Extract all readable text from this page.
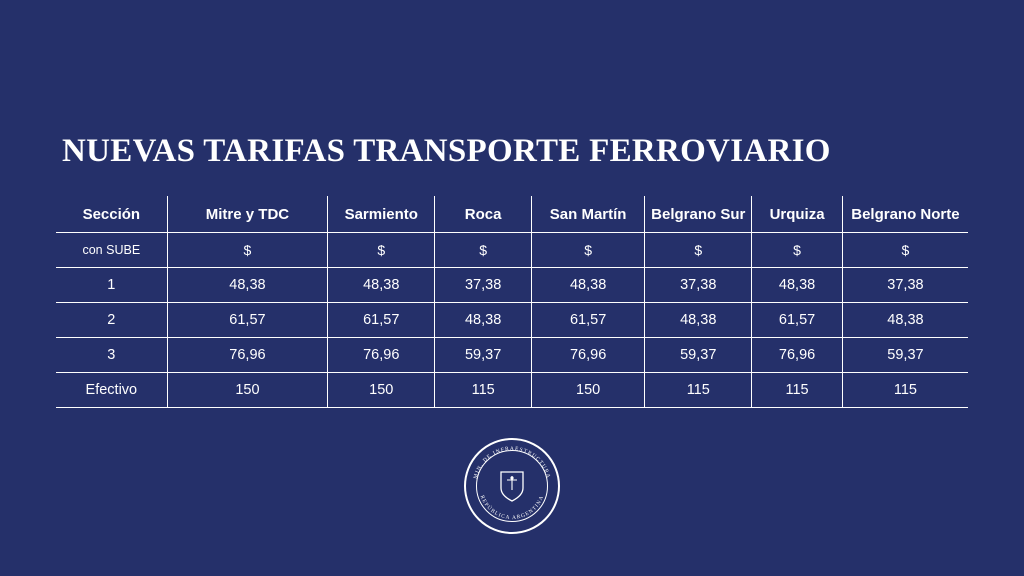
NUEVAS TARIFAS TRANSPORTE FERROVIARIO
Sección	Mitre y TDC	Sarmiento	Roca	San Martín	Belgrano Sur	Urquiza	Belgrano Norte
con SUBE	$	$	$	$	$	$	$
1	48,38	48,38	37,38	48,38	37,38	48,38	37,38
2	61,57	61,57	48,38	61,57	48,38	61,57	48,38
3	76,96	76,96	59,37	76,96	59,37	76,96	59,37
Efectivo	150	150	115	150	115	115	115
MIN. DE INFRAESTRUCTURA
REPÚBLICA ARGENTINA
